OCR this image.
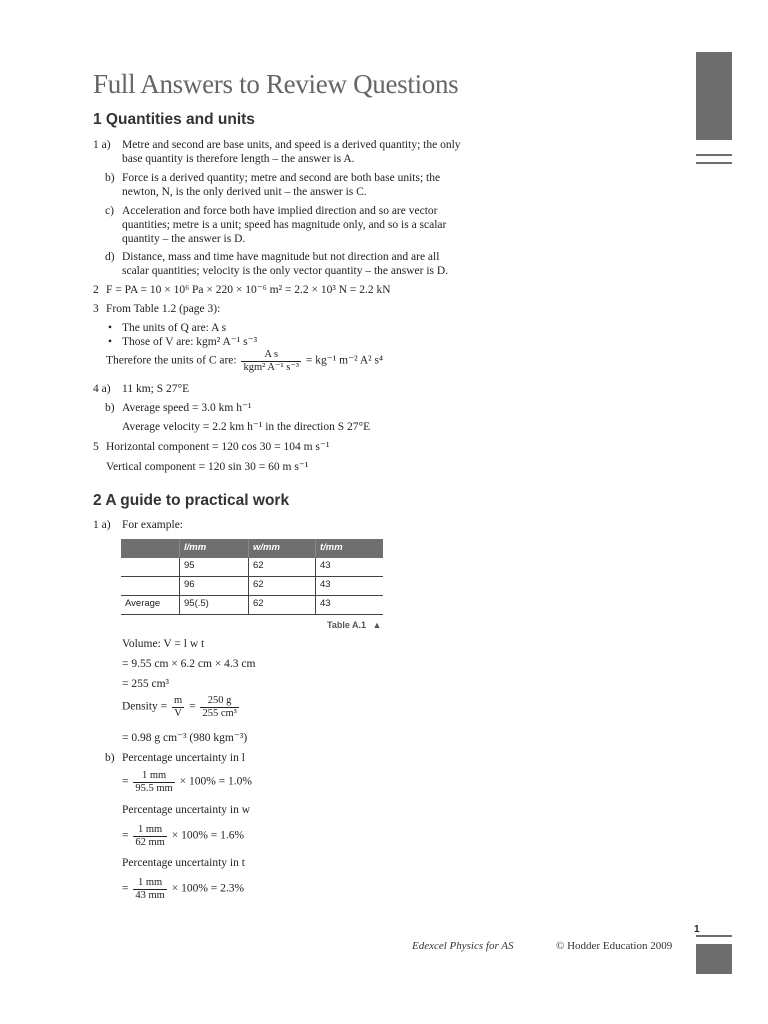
Full Answers to Review Questions
1 Quantities and units
1 a) Metre and second are base units, and speed is a derived quantity; the only
base quantity is therefore length – the answer is A.
b) Force is a derived quantity; metre and second are both base units; the
newton, N, is the only derived unit – the answer is C.
c) Acceleration and force both have implied direction and so are vector
quantities; metre is a unit; speed has magnitude only, and so is a scalar
quantity – the answer is D.
d) Distance, mass and time have magnitude but not direction and are all
scalar quantities; velocity is the only vector quantity – the answer is D.
2 F = PA = 10 × 10⁶ Pa × 220 × 10⁻⁶ m² = 2.2 × 10³ N = 2.2 kN
3 From Table 1.2 (page 3):
• The units of Q are: A s
• Those of V are: kgm² A⁻¹ s⁻³
Therefore the units of C are: $\frac{\text{A s}}{\text{kgm² A⁻¹ s⁻³}} = kg^{-1}$ m⁻² A² s⁴
4 a) 11 km; S 27°E
b) Average speed = 3.0 km h⁻¹
Average velocity = 2.2 km h⁻¹ in the direction S 27°E
5 Horizontal component = 120 cos 30 = 104 m s⁻¹
Vertical component = 120 sin 30 = 60 m s⁻¹
2 A guide to practical work
1 a) For example:
	l/mm	w/mm	t/mm
	95	62	43
	96	62	43
Average	95(.5)	62	43
Table A.1 ▲
Volume: V = l w t
= 9.55 cm × 6.2 cm × 4.3 cm
= 255 cm³
Density = $\frac{m}{V} = \frac{250 g}{\text{255 cm³}}$
= 0.98 g cm⁻³ (980 kgm⁻³)
b) Percentage uncertainty in l
= $\frac{1 mm}{95.5 mm} \times 100\% = 1.0\%$
Percentage uncertainty in w
= $\frac{1 mm}{62 mm} \times 100\% = 1.6\%$
Percentage uncertainty in t
= $\frac{1 mm}{43 mm} \times 100\% = 2.3\%$
1
Edexcel Physics for AS	© Hodder Education 2009
